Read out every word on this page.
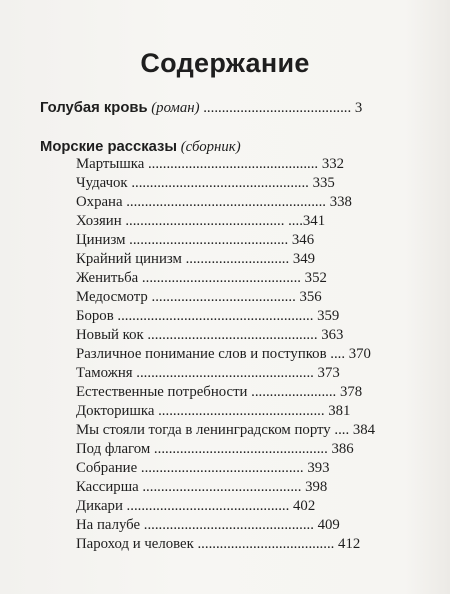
Содержание
Голубая кровь (роман) ........................................ 3
Морские рассказы (сборник)
Мартышка .............................................. 332
Чудачок ................................................ 335
Охрана ...................................................... 338
Хозяин ........................................... ....341
Цинизм ........................................... 346
Крайний цинизм ............................ 349
Женитьба ........................................... 352
Медосмотр ....................................... 356
Боров ..................................................... 359
Новый кок .............................................. 363
Различное понимание слов и поступков .... 370
Таможня ................................................ 373
Естественные потребности ....................... 378
Докторишка ............................................. 381
Мы стояли тогда в ленинградском порту .... 384
Под флагом ............................................... 386
Собрание ............................................ 393
Кассирша ........................................... 398
Дикари ............................................ 402
На палубе .............................................. 409
Пароход и человек ..................................... 412
